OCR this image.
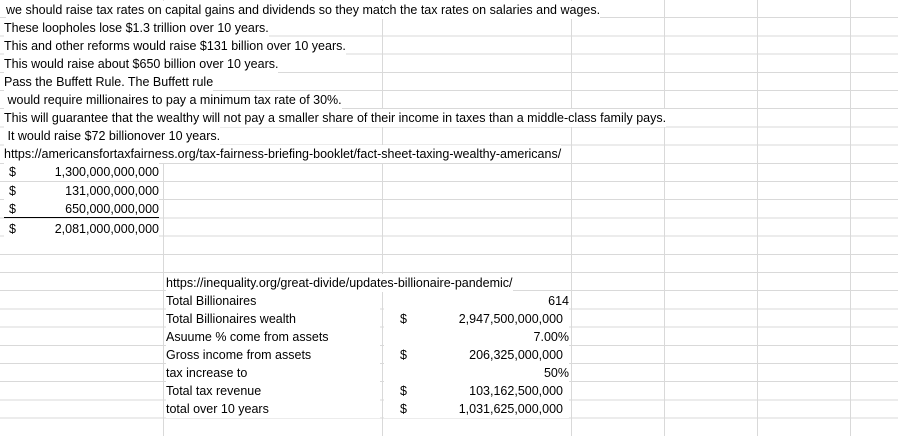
we should raise tax rates on capital gains and dividends so they match the tax rates on salaries and wages.
These loopholes lose $1.3 trillion over 10 years.
This and other reforms would raise $131 billion over 10 years.
This would raise about $650 billion over 10 years.
Pass the Buffett Rule. The Buffett rule
would require millionaires to pay a minimum tax rate of 30%.
This will guarantee that the wealthy will not pay a smaller share of their income in taxes than a middle-class family pays.
It would raise $72 billionover 10 years.
https://americansfortaxfairness.org/tax-fairness-briefing-booklet/fact-sheet-taxing-wealthy-americans/
$	1,300,000,000,000
$	131,000,000,000
$	650,000,000,000
$	2,081,000,000,000
https://inequality.org/great-divide/updates-billionaire-pandemic/
Total Billionaires	614
Total Billionaires wealth	$	2,947,500,000,000
Asuume % come from assets	7.00%
Gross income from assets	$	206,325,000,000
tax increase to	50%
Total tax revenue	$	103,162,500,000
total over 10 years	$	1,031,625,000,000
